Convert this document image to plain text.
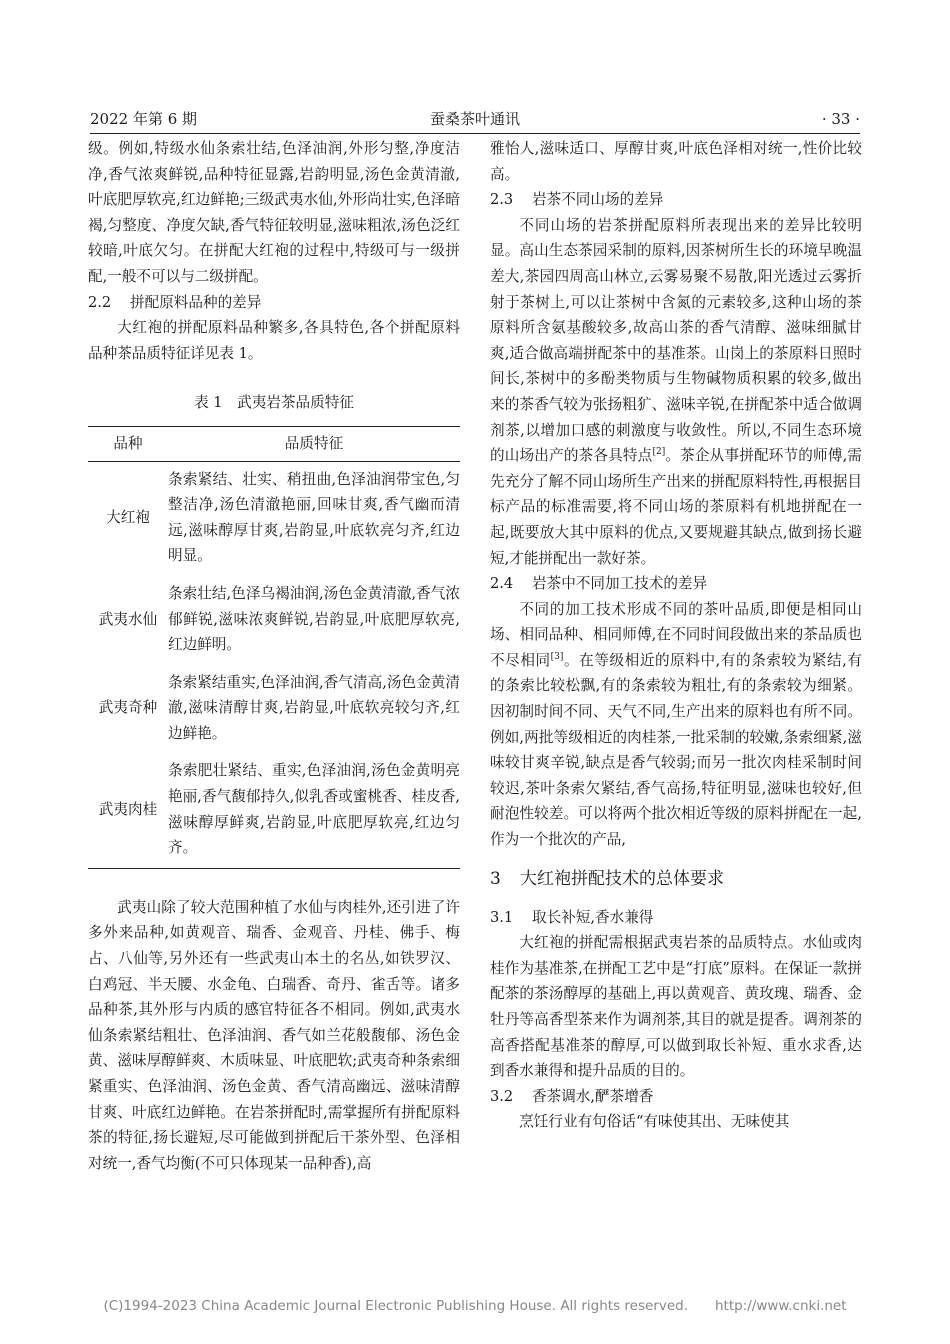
2022 年第 6 期	蚕桑茶叶通讯	· 33 ·

级。例如,特级水仙条索壮结,色泽油润,外形匀整,净度洁净,香气浓爽鲜锐,品种特征显露,岩韵明显,汤色金黄清澈,叶底肥厚软亮,红边鲜艳;三级武夷水仙,外形尚壮实,色泽暗褐,匀整度、净度欠缺,香气特征较明显,滋味粗浓,汤色泛红较暗,叶底欠匀。在拼配大红袍的过程中,特级可与一级拼配,一般不可以与二级拼配。

2.2 拼配原料品种的差异

大红袍的拼配原料品种繁多,各具特色,各个拼配原料品种茶品质特征详见表 1。

表 1　武夷岩茶品质特征
品种	品质特征
大红袍	条索紧结、壮实、稍扭曲,色泽油润带宝色,匀整洁净,汤色清澈艳丽,回味甘爽,香气幽而清远,滋味醇厚甘爽,岩韵显,叶底软亮匀齐,红边明显。
武夷水仙	条索壮结,色泽乌褐油润,汤色金黄清澈,香气浓郁鲜锐,滋味浓爽鲜锐,岩韵显,叶底肥厚软亮,红边鲜明。
武夷奇种	条索紧结重实,色泽油润,香气清高,汤色金黄清澈,滋味清醇甘爽,岩韵显,叶底软亮较匀齐,红边鲜艳。
武夷肉桂	条索肥壮紧结、重实,色泽油润,汤色金黄明亮艳丽,香气馥郁持久,似乳香或蜜桃香、桂皮香,滋味醇厚鲜爽,岩韵显,叶底肥厚软亮,红边匀齐。

武夷山除了较大范围种植了水仙与肉桂外,还引进了许多外来品种,如黄观音、瑞香、金观音、丹桂、佛手、梅占、八仙等,另外还有一些武夷山本土的名丛,如铁罗汉、白鸡冠、半天腰、水金龟、白瑞香、奇丹、雀舌等。诸多品种茶,其外形与内质的感官特征各不相同。例如,武夷水仙条索紧结粗壮、色泽油润、香气如兰花般馥郁、汤色金黄、滋味厚醇鲜爽、木质味显、叶底肥软;武夷奇种条索细紧重实、色泽油润、汤色金黄、香气清高幽远、滋味清醇甘爽、叶底红边鲜艳。在岩茶拼配时,需掌握所有拼配原料茶的特征,扬长避短,尽可能做到拼配后干茶外型、色泽相对统一,香气均衡(不可只体现某一品种香),高

雅怡人,滋味适口、厚醇甘爽,叶底色泽相对统一,性价比较高。

2.3 岩茶不同山场的差异

不同山场的岩茶拼配原料所表现出来的差异比较明显。高山生态茶园采制的原料,因茶树所生长的环境早晚温差大,茶园四周高山林立,云雾易聚不易散,阳光透过云雾折射于茶树上,可以让茶树中含氮的元素较多,这种山场的茶原料所含氨基酸较多,故高山茶的香气清醇、滋味细腻甘爽,适合做高端拼配茶中的基准茶。山岗上的茶原料日照时间长,茶树中的多酚类物质与生物碱物质积累的较多,做出来的茶香气较为张扬粗犷、滋味辛锐,在拼配茶中适合做调剂茶,以增加口感的刺激度与收敛性。所以,不同生态环境的山场出产的茶各具特点[2]。茶企从事拼配环节的师傅,需先充分了解不同山场所生产出来的拼配原料特性,再根据目标产品的标准需要,将不同山场的茶原料有机地拼配在一起,既要放大其中原料的优点,又要规避其缺点,做到扬长避短,才能拼配出一款好茶。

2.4 岩茶中不同加工技术的差异

不同的加工技术形成不同的茶叶品质,即便是相同山场、相同品种、相同师傅,在不同时间段做出来的茶品质也不尽相同[3]。在等级相近的原料中,有的条索较为紧结,有的条索比较松飘,有的条索较为粗壮,有的条索较为细紧。因初制时间不同、天气不同,生产出来的原料也有所不同。例如,两批等级相近的肉桂茶,一批采制的较嫩,条索细紧,滋味较甘爽辛锐,缺点是香气较弱;而另一批次肉桂采制时间较迟,茶叶条索欠紧结,香气高扬,特征明显,滋味也较好,但耐泡性较差。可以将两个批次相近等级的原料拼配在一起,作为一个批次的产品,

3 大红袍拼配技术的总体要求
3.1 取长补短,香水兼得

大红袍的拼配需根据武夷岩茶的品质特点。水仙或肉桂作为基准茶,在拼配工艺中是“打底”原料。在保证一款拼配茶的茶汤醇厚的基础上,再以黄观音、黄玫瑰、瑞香、金牡丹等高香型茶来作为调剂茶,其目的就是提香。调剂茶的高香搭配基准茶的醇厚,可以做到取长补短、重水求香,达到香水兼得和提升品质的目的。

3.2 香茶调水,酽茶增香

烹饪行业有句俗话“有味使其出、无味使其

(C)1994-2023 China Academic Journal Electronic Publishing House. All rights reserved.　　http://www.cnki.net
